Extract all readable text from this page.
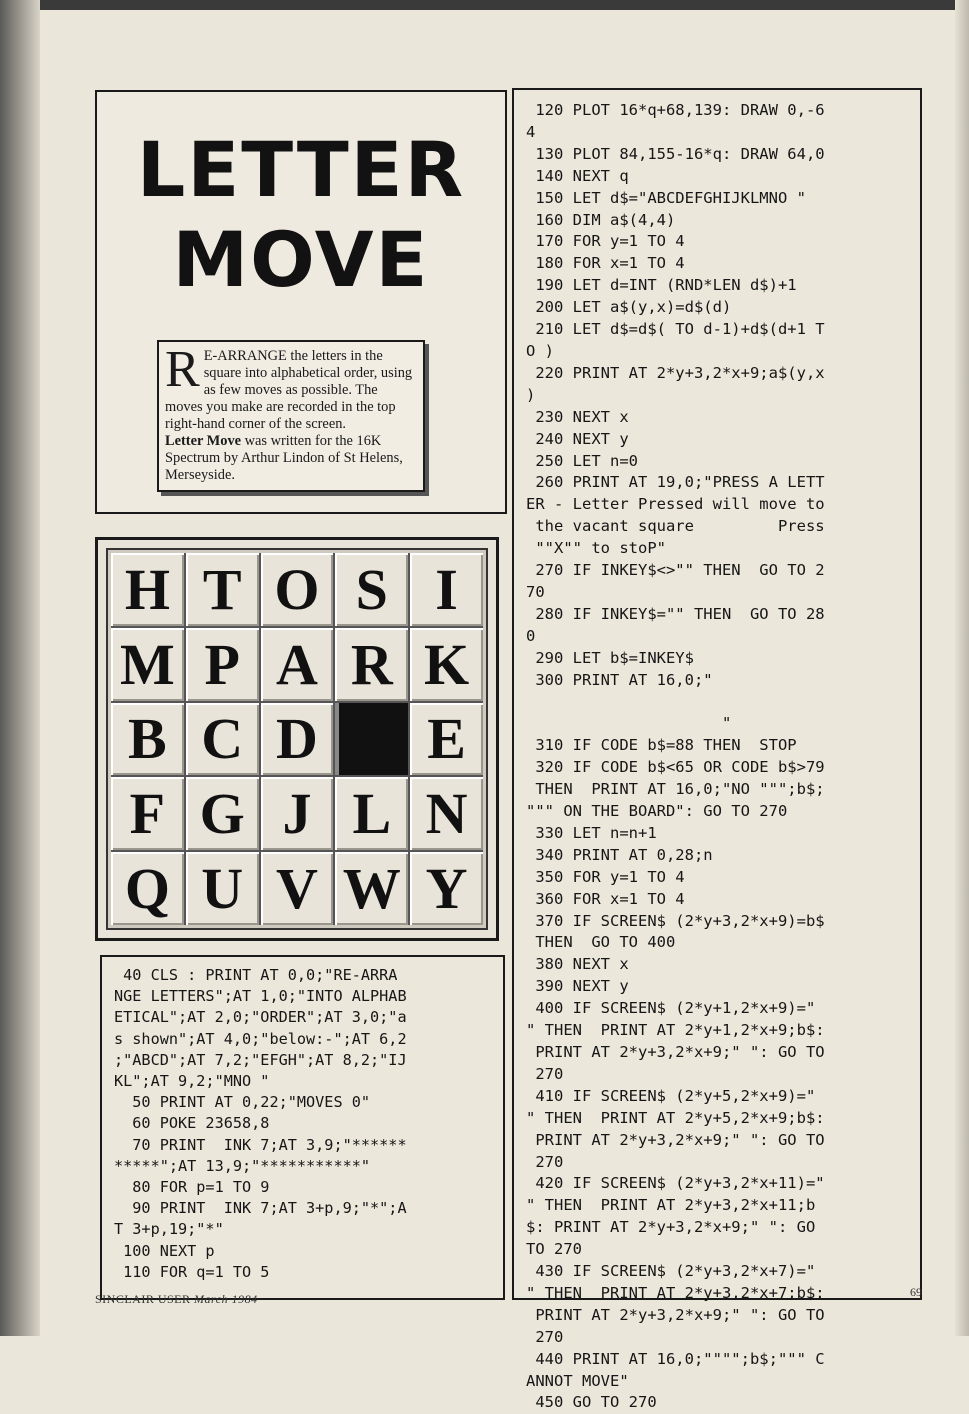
LETTER
MOVE
R E-ARRANGE the letters in the square into alphabetical order, using as few moves as possible. The moves you make are recorded in the top right-hand corner of the screen.
Letter Move was written for the 16K Spectrum by Arthur Lindon of St Helens, Merseyside.
H T O S I
M P A R K
B C D E
F G J L N
Q U V W Y
40 CLS : PRINT AT 0,0;"RE-ARRA
NGE LETTERS";AT 1,0;"INTO ALPHAB
ETICAL";AT 2,0;"ORDER";AT 3,0;"a
s shown";AT 4,0;"below:-";AT 6,2
;"ABCD";AT 7,2;"EFGH";AT 8,2;"IJ
KL";AT 9,2;"MNO "
50 PRINT AT 0,22;"MOVES 0"
60 POKE 23658,8
70 PRINT  INK 7;AT 3,9;"******
*****";AT 13,9;"***********"
80 FOR p=1 TO 9
90 PRINT  INK 7;AT 3+p,9;"*";A
T 3+p,19;"*"
100 NEXT p
110 FOR q=1 TO 5
120 PLOT 16*q+68,139: DRAW 0,-6
4
130 PLOT 84,155-16*q: DRAW 64,0
140 NEXT q
150 LET d$="ABCDEFGHIJKLMNO "
160 DIM a$(4,4)
170 FOR y=1 TO 4
180 FOR x=1 TO 4
190 LET d=INT (RND*LEN d$)+1
200 LET a$(y,x)=d$(d)
210 LET d$=d$( TO d-1)+d$(d+1 T
O )
220 PRINT AT 2*y+3,2*x+9;a$(y,x
)
230 NEXT x
240 NEXT y
250 LET n=0
260 PRINT AT 19,0;"PRESS A LETT
ER - Letter Pressed will move to
the vacant square         Press
""X"" to stoP"
270 IF INKEY$<>"" THEN  GO TO 2
70
280 IF INKEY$="" THEN  GO TO 28
0
290 LET b$=INKEY$
300 PRINT AT 16,0;"

"
310 IF CODE b$=88 THEN  STOP
320 IF CODE b$<65 OR CODE b$>79
THEN  PRINT AT 16,0;"NO """;b$;
""" ON THE BOARD": GO TO 270
330 LET n=n+1
340 PRINT AT 0,28;n
350 FOR y=1 TO 4
360 FOR x=1 TO 4
370 IF SCREEN$ (2*y+3,2*x+9)=b$
THEN  GO TO 400
380 NEXT x
390 NEXT y
400 IF SCREEN$ (2*y+1,2*x+9)="
" THEN  PRINT AT 2*y+1,2*x+9;b$:
PRINT AT 2*y+3,2*x+9;" ": GO TO
270
410 IF SCREEN$ (2*y+5,2*x+9)="
" THEN  PRINT AT 2*y+5,2*x+9;b$:
PRINT AT 2*y+3,2*x+9;" ": GO TO
270
420 IF SCREEN$ (2*y+3,2*x+11)="
" THEN  PRINT AT 2*y+3,2*x+11;b
$: PRINT AT 2*y+3,2*x+9;" ": GO
TO 270
430 IF SCREEN$ (2*y+3,2*x+7)="
" THEN  PRINT AT 2*y+3,2*x+7;b$:
PRINT AT 2*y+3,2*x+9;" ": GO TO
270
440 PRINT AT 16,0;"""";b$;""" C
ANNOT MOVE"
450 GO TO 270
SINCLAIR USER March 1984	69
